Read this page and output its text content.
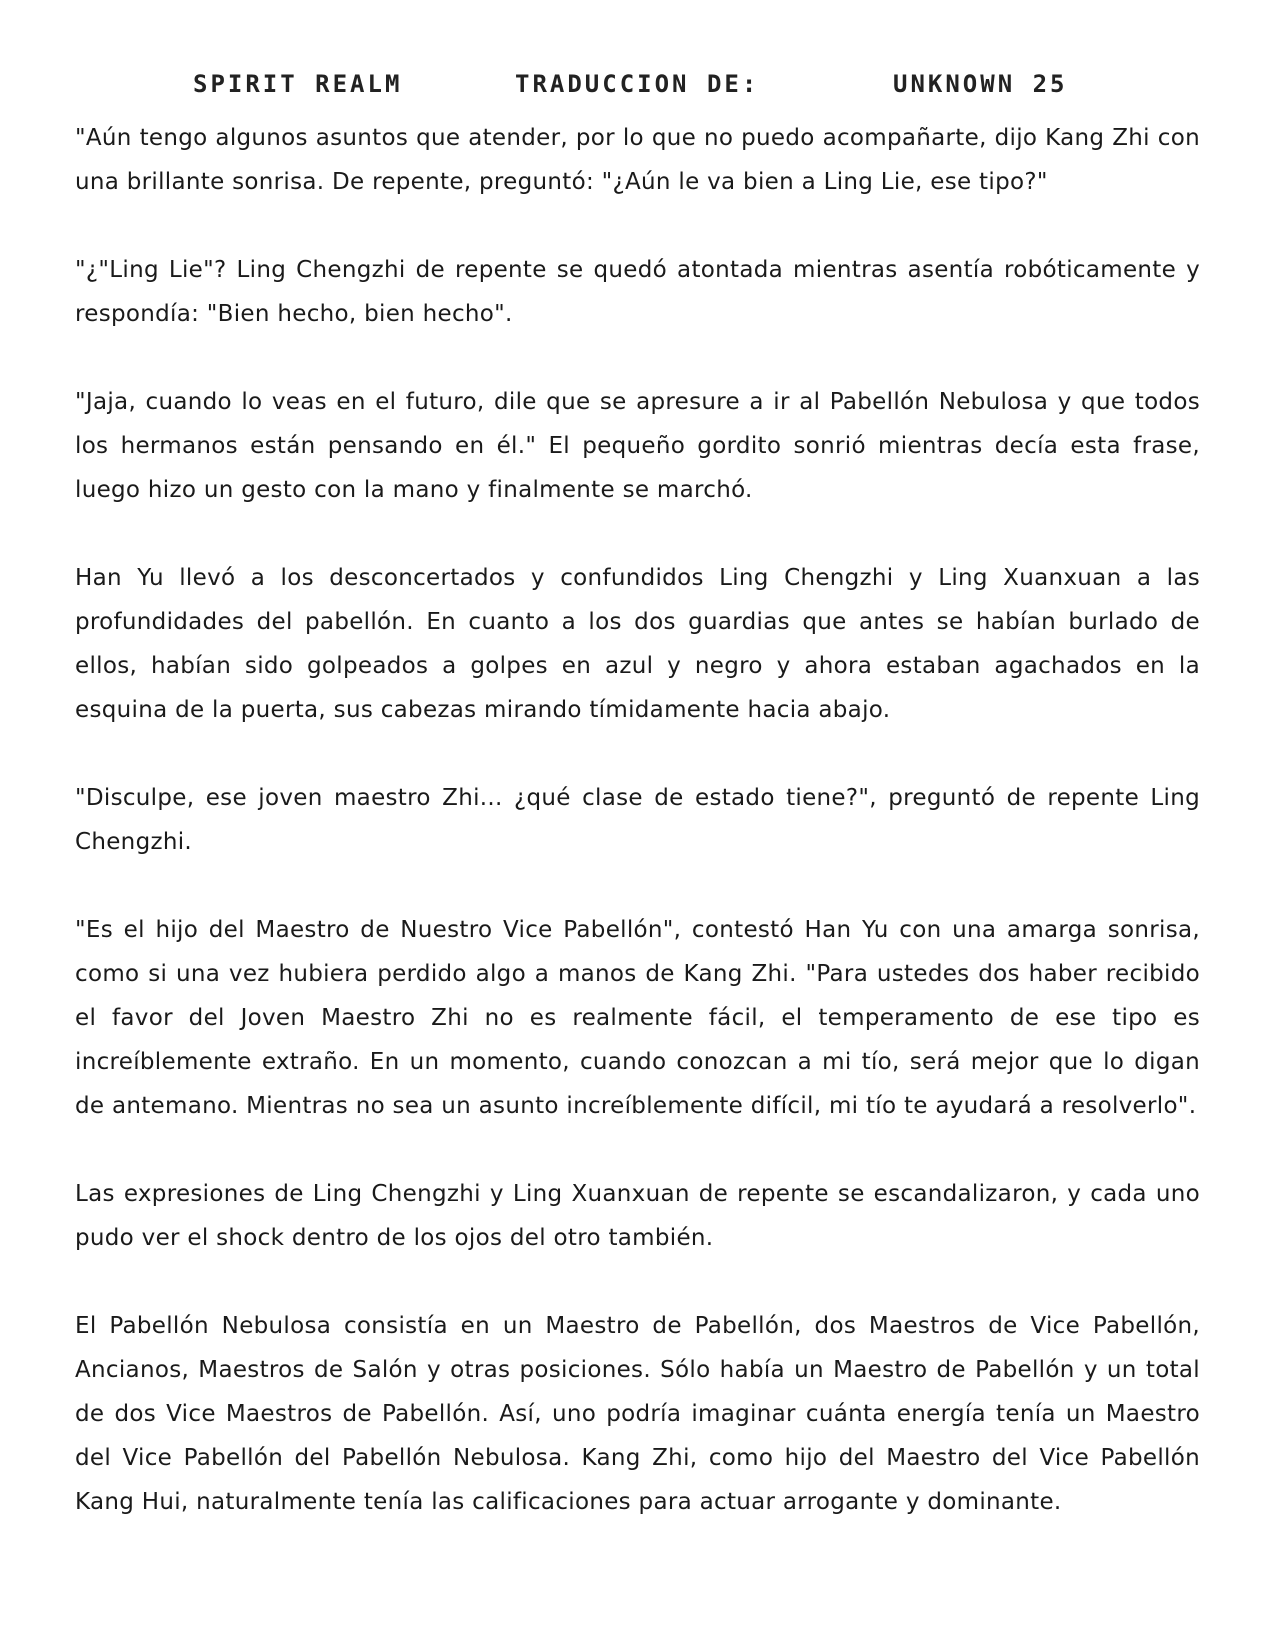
SPIRIT REALM	TRADUCCION DE:	UNKNOWN 25

"Aún tengo algunos asuntos que atender, por lo que no puedo acompañarte, dijo Kang Zhi con una brillante sonrisa. De repente, preguntó: "¿Aún le va bien a Ling Lie, ese tipo?"

"¿"Ling Lie"? Ling Chengzhi de repente se quedó atontada mientras asentía robóticamente y respondía: "Bien hecho, bien hecho".

"Jaja, cuando lo veas en el futuro, dile que se apresure a ir al Pabellón Nebulosa y que todos los hermanos están pensando en él." El pequeño gordito sonrió mientras decía esta frase, luego hizo un gesto con la mano y finalmente se marchó.

Han Yu llevó a los desconcertados y confundidos Ling Chengzhi y Ling Xuanxuan a las profundidades del pabellón. En cuanto a los dos guardias que antes se habían burlado de ellos, habían sido golpeados a golpes en azul y negro y ahora estaban agachados en la esquina de la puerta, sus cabezas mirando tímidamente hacia abajo.

"Disculpe, ese joven maestro Zhi... ¿qué clase de estado tiene?", preguntó de repente Ling Chengzhi.

"Es el hijo del Maestro de Nuestro Vice Pabellón", contestó Han Yu con una amarga sonrisa, como si una vez hubiera perdido algo a manos de Kang Zhi. "Para ustedes dos haber recibido el favor del Joven Maestro Zhi no es realmente fácil, el temperamento de ese tipo es increíblemente extraño. En un momento, cuando conozcan a mi tío, será mejor que lo digan de antemano. Mientras no sea un asunto increíblemente difícil, mi tío te ayudará a resolverlo".

Las expresiones de Ling Chengzhi y Ling Xuanxuan de repente se escandalizaron, y cada uno pudo ver el shock dentro de los ojos del otro también.

El Pabellón Nebulosa consistía en un Maestro de Pabellón, dos Maestros de Vice Pabellón, Ancianos, Maestros de Salón y otras posiciones. Sólo había un Maestro de Pabellón y un total de dos Vice Maestros de Pabellón. Así, uno podría imaginar cuánta energía tenía un Maestro del Vice Pabellón del Pabellón Nebulosa. Kang Zhi, como hijo del Maestro del Vice Pabellón Kang Hui, naturalmente tenía las calificaciones para actuar arrogante y dominante.
